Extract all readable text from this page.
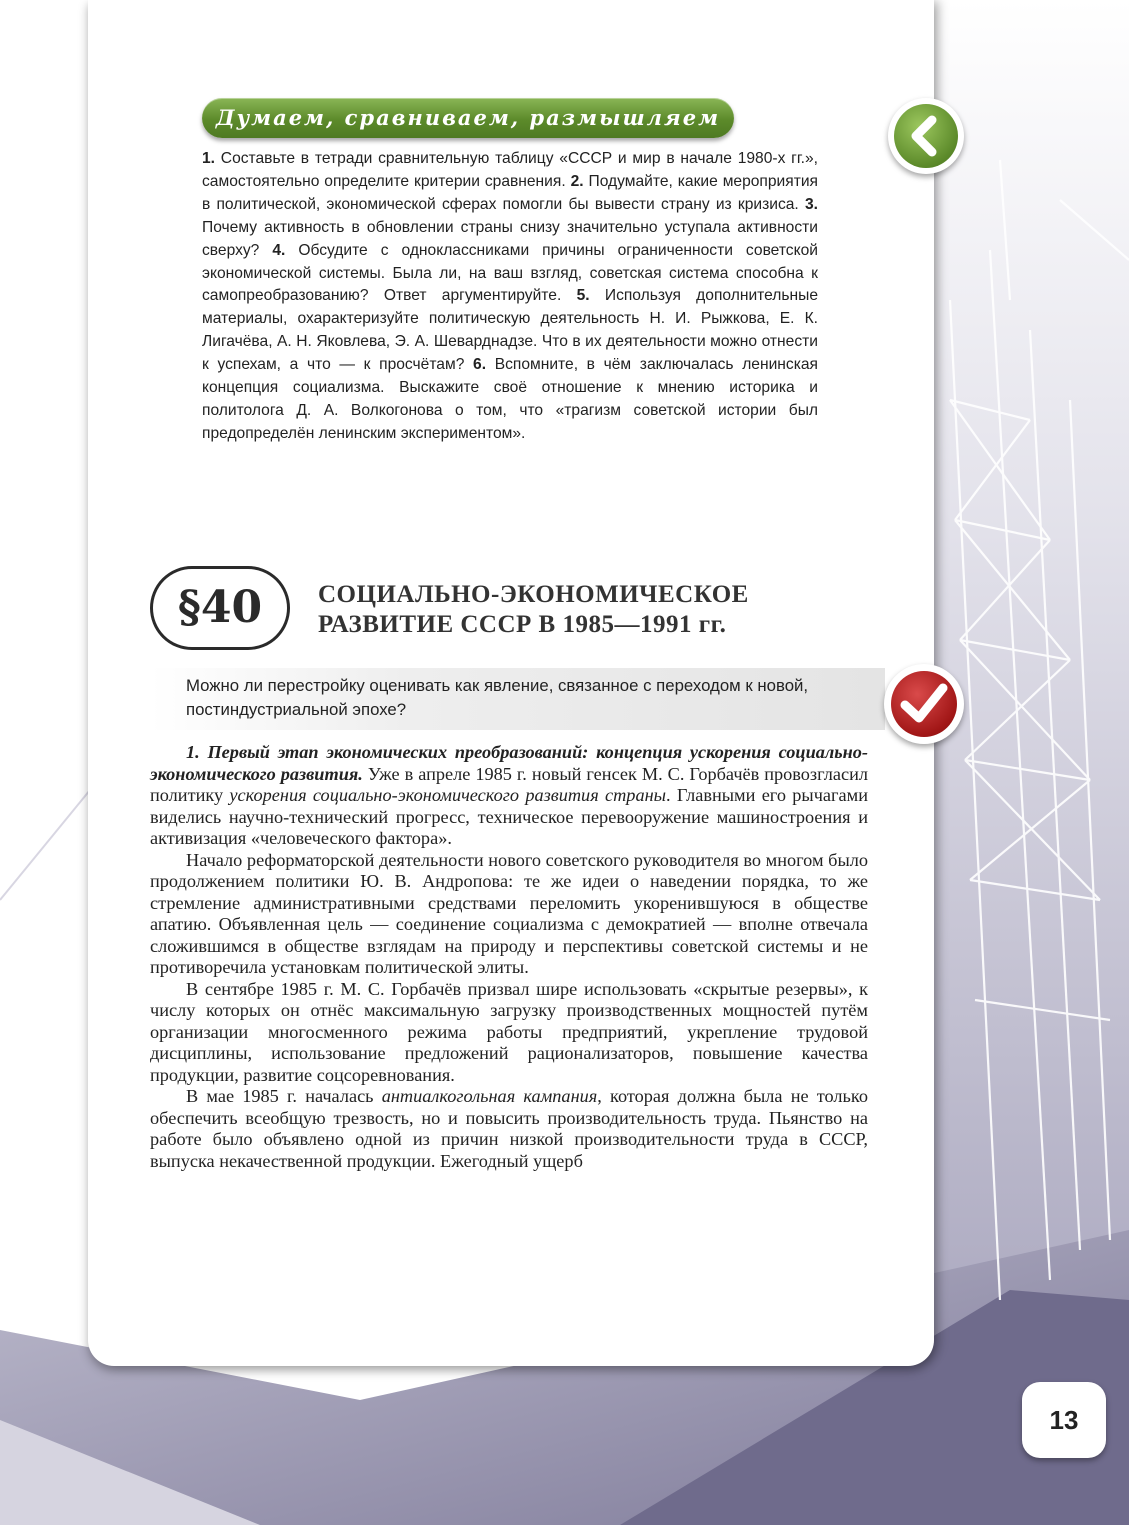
Думаем, сравниваем, размышляем
1. Составьте в тетради сравнительную таблицу «СССР и мир в начале 1980-х гг.», самостоятельно определите критерии сравнения. 2. Подумайте, какие мероприятия в политической, экономической сферах помогли бы вывести страну из кризиса. 3. Почему активность в обновлении страны снизу значительно уступала активности сверху? 4. Обсудите с одноклассниками причины ограниченности советской экономической системы. Была ли, на ваш взгляд, советская система способна к самопреобразованию? Ответ аргументируйте. 5. Используя дополнительные материалы, охарактеризуйте политическую деятельность Н. И. Рыжкова, Е. К. Лигачёва, А. Н. Яковлева, Э. А. Шеварднадзе. Что в их деятельности можно отнести к успехам, а что — к просчётам? 6. Вспомните, в чём заключалась ленинская концепция социализма. Выскажите своё отношение к мнению историка и политолога Д. А. Волкогонова о том, что «трагизм советской истории был предопределён ленинским экспериментом».
§40	СОЦИАЛЬНО-ЭКОНОМИЧЕСКОЕ
РАЗВИТИЕ СССР В 1985—1991 гг.
Можно ли перестройку оценивать как явление, связанное с переходом к новой, постиндустриальной эпохе?

1. Первый этап экономических преобразований: концепция ускорения социально-экономического развития. Уже в апреле 1985 г. новый генсек М. С. Горбачёв провозгласил политику ускорения социально-экономического развития страны. Главными его рычагами виделись научно-технический прогресс, техническое перевооружение машиностроения и активизация «человеческого фактора».

Начало реформаторской деятельности нового советского руководителя во многом было продолжением политики Ю. В. Андропова: те же идеи о наведении порядка, то же стремление административными средствами переломить укоренившуюся в обществе апатию. Объявленная цель — соединение социализма с демократией — вполне отвечала сложившимся в обществе взглядам на природу и перспективы советской системы и не противоречила установкам политической элиты.

В сентябре 1985 г. М. С. Горбачёв призвал шире использовать «скрытые резервы», к числу которых он отнёс максимальную загрузку производственных мощностей путём организации многосменного режима работы предприятий, укрепление трудовой дисциплины, использование предложений рационализаторов, повышение качества продукции, развитие соцсоревнования.

В мае 1985 г. началась антиалкогольная кампания, которая должна была не только обеспечить всеобщую трезвость, но и повысить производительность труда. Пьянство на работе было объявлено одной из причин низкой производительности труда в СССР, выпуска некачественной продукции. Ежегодный ущерб

13
